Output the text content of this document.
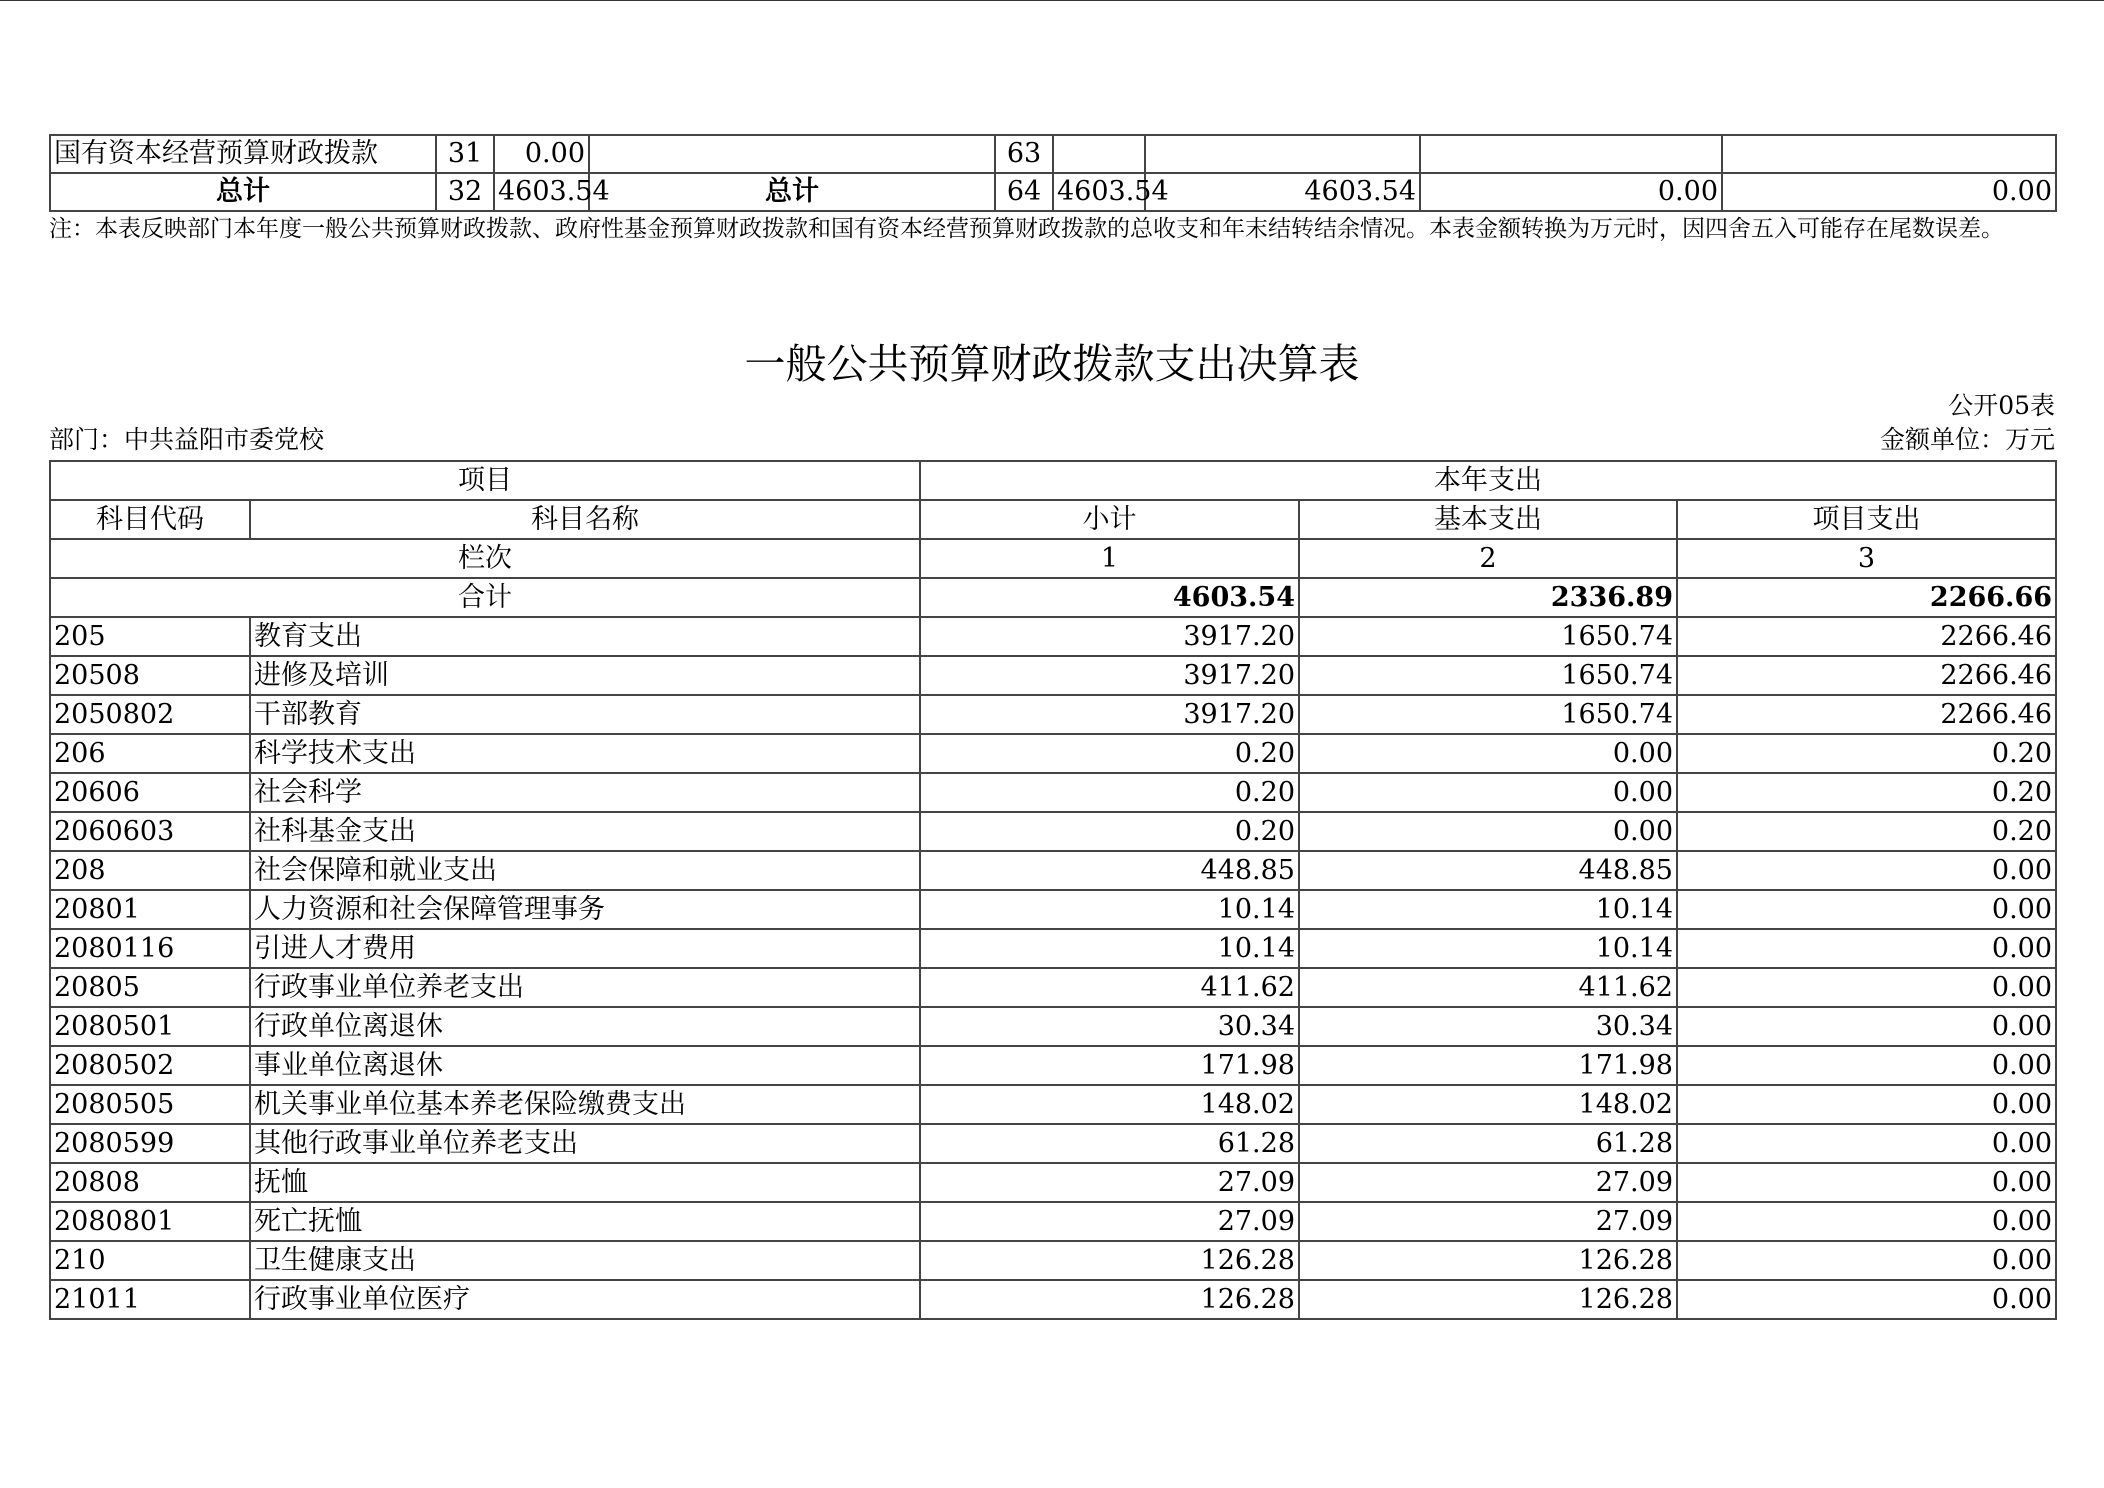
国有资本经营预算财政拨款	31	0.00		63				
总计	32	4603.54	总计	64	4603.54	4603.54	0.00	0.00
注：本表反映部门本年度一般公共预算财政拨款、政府性基金预算财政拨款和国有资本经营预算财政拨款的总收支和年末结转结余情况。本表金额转换为万元时，因四舍五入可能存在尾数误差。
一般公共预算财政拨款支出决算表
公开05表
部门：中共益阳市委党校	金额单位：万元
项目		本年支出		
科目代码	科目名称	小计	基本支出	项目支出
栏次		1	2	3
合计		4603.54	2336.89	2266.66
205	教育支出	3917.20	1650.74	2266.46
20508	进修及培训	3917.20	1650.74	2266.46
2050802	干部教育	3917.20	1650.74	2266.46
206	科学技术支出	0.20	0.00	0.20
20606	社会科学	0.20	0.00	0.20
2060603	社科基金支出	0.20	0.00	0.20
208	社会保障和就业支出	448.85	448.85	0.00
20801	人力资源和社会保障管理事务	10.14	10.14	0.00
2080116	引进人才费用	10.14	10.14	0.00
20805	行政事业单位养老支出	411.62	411.62	0.00
2080501	行政单位离退休	30.34	30.34	0.00
2080502	事业单位离退休	171.98	171.98	0.00
2080505	机关事业单位基本养老保险缴费支出	148.02	148.02	0.00
2080599	其他行政事业单位养老支出	61.28	61.28	0.00
20808	抚恤	27.09	27.09	0.00
2080801	死亡抚恤	27.09	27.09	0.00
210	卫生健康支出	126.28	126.28	0.00
21011	行政事业单位医疗	126.28	126.28	0.00
